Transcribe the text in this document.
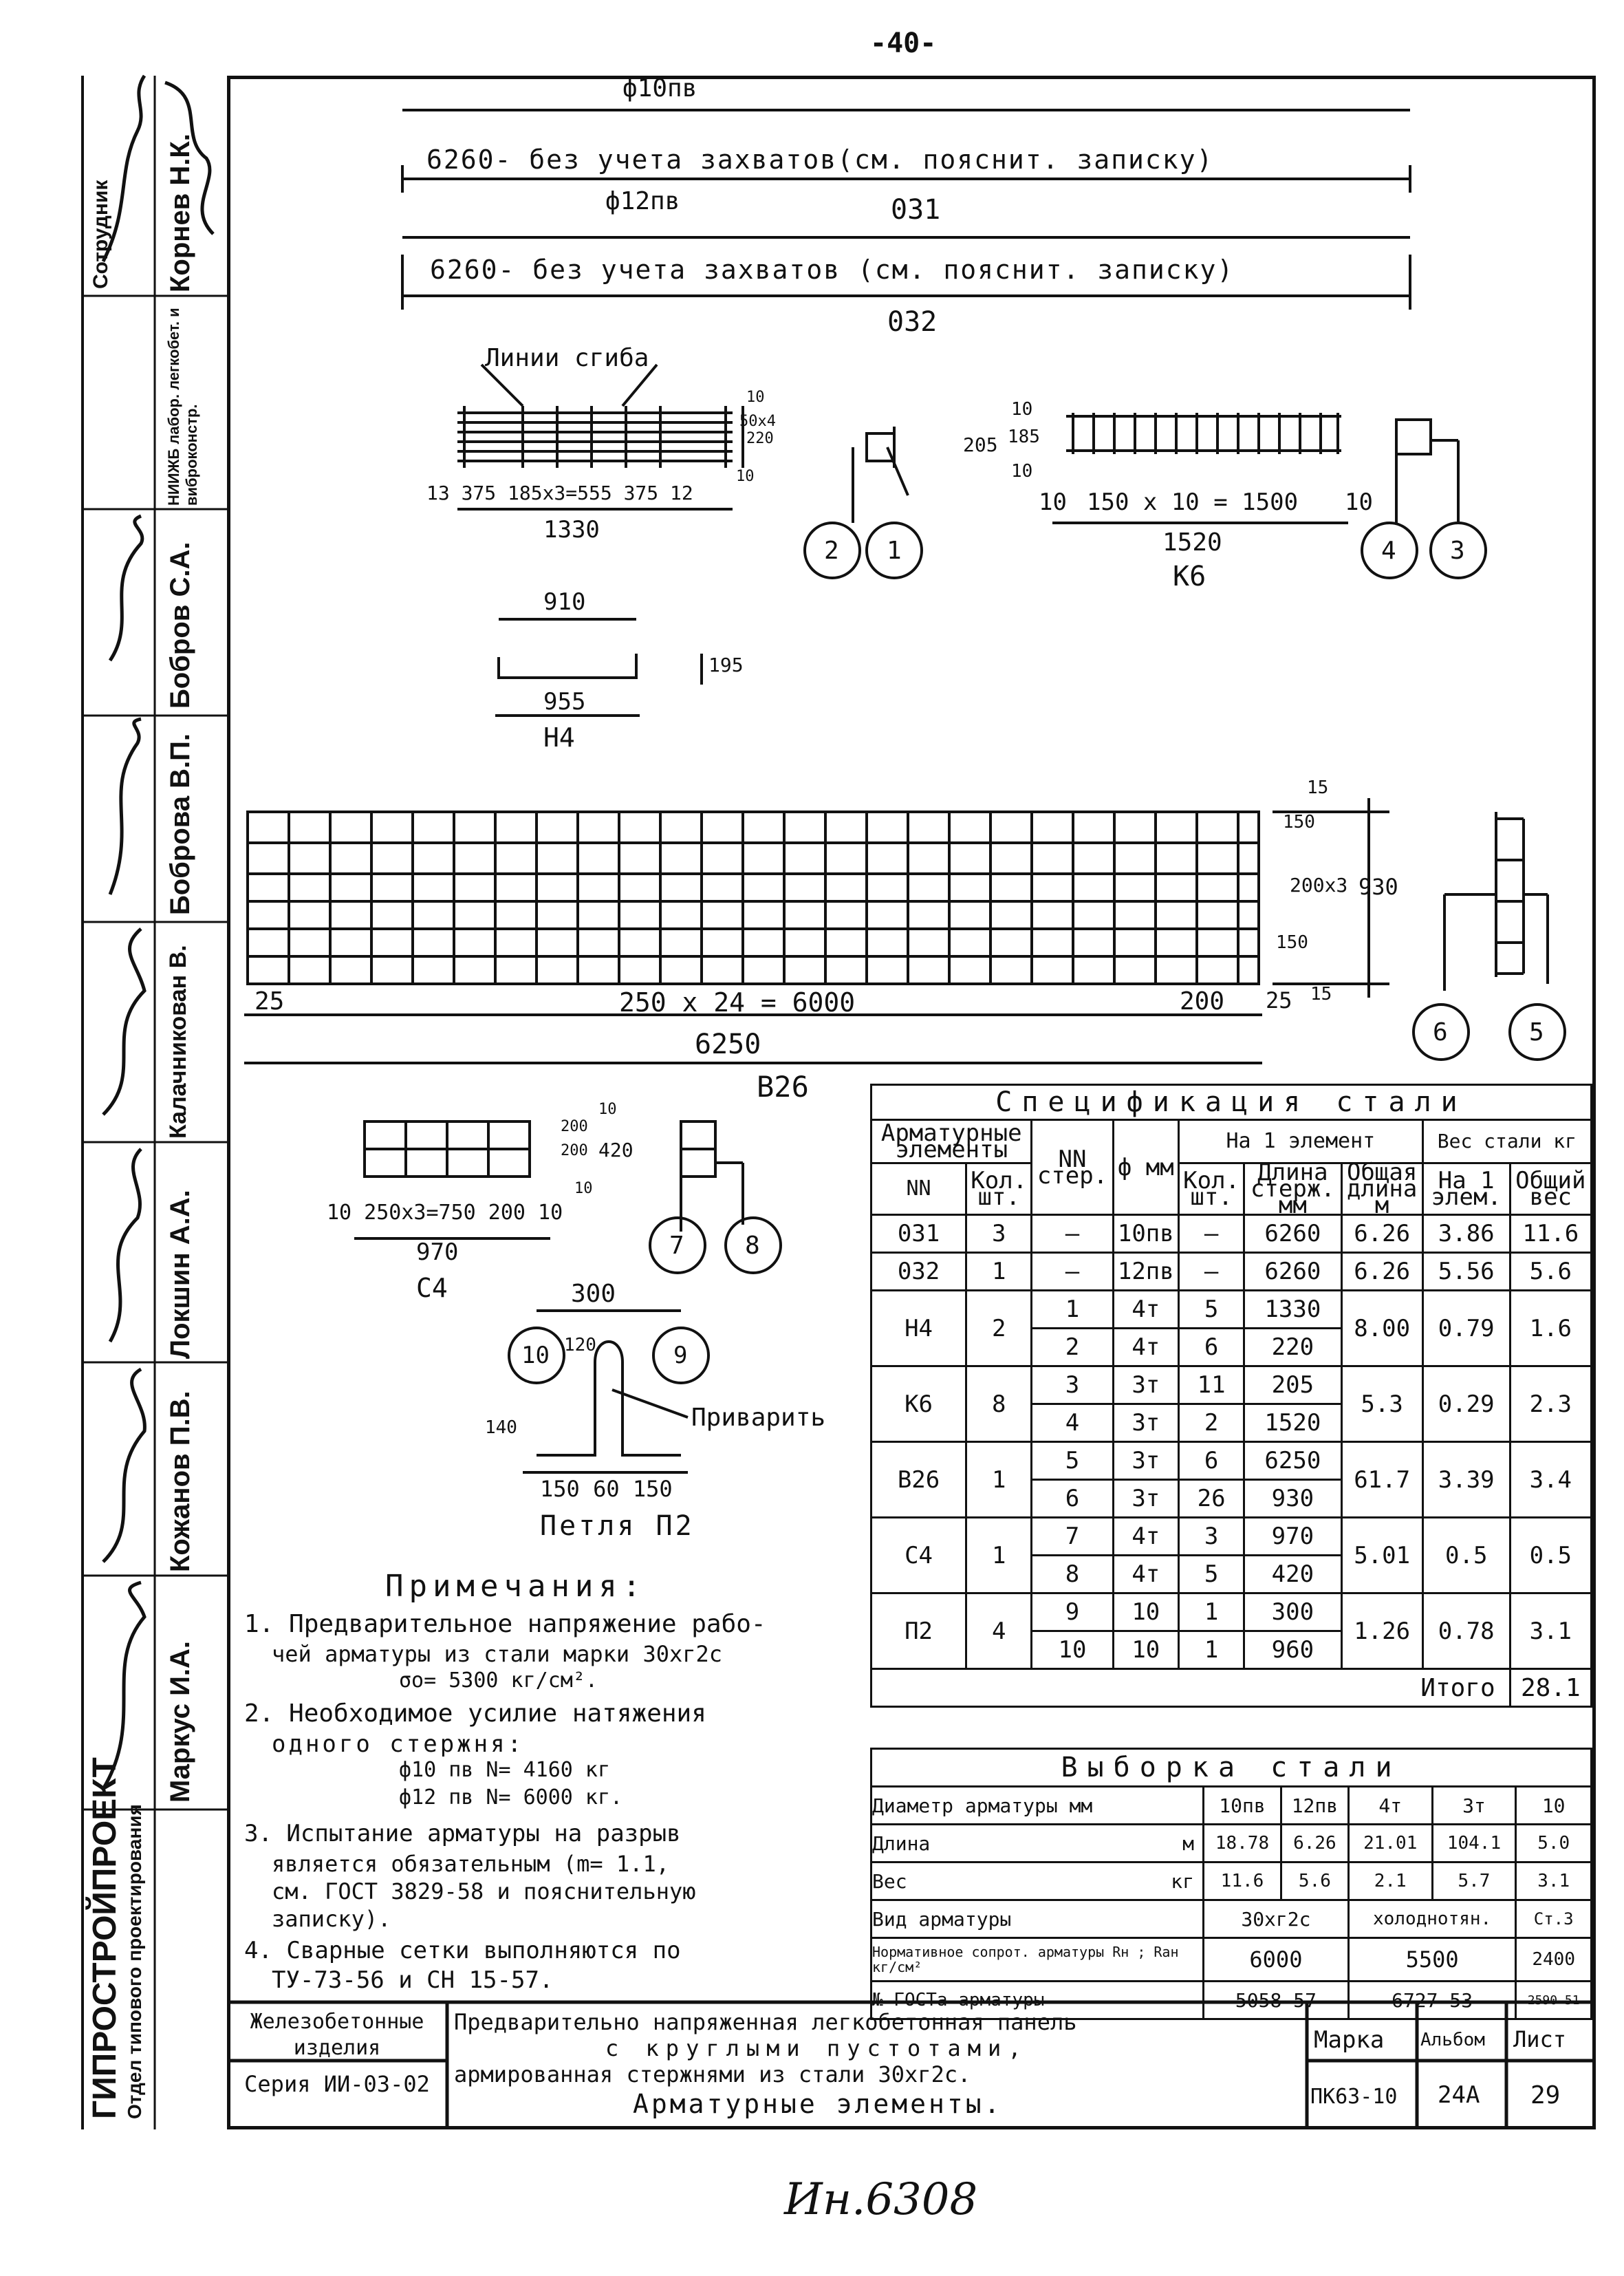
-40-
ГИПРОСТРОЙПРОЕКТ Отдел типового проектирования
Сотрудник Корнев Н.К.
НИИЖБ лабор. легкобет. и виброконстр.
Бобров С.А.
Боброва В.П.
Калачникован В.
Локшин А.А.
Кожанов П.В.
Маркус И.А.
ф10пв
6260- без учета захватов(см. пояснит. записку)
031
ф12пв
6260- без учета захватов (см. пояснит. записку)
032
Линии сгиба
13 375 185х3=555 375 12
1330
910
955
195
Н4
50х4
220
10
10
2 1
205 185
10
10
10 150 х 10 = 1500 10
1520
К6
4 3
25	250 х 24 = 6000	200 25
6250
В26
15
150
200х3
150
15
930
6	5
10 250х3=750 200 10
970
С4
420
10
200
200
10
7 8
300
120
140
150 60 150
Приварить
Петля П2
10	9
Примечания:
1. Предварительное напряжение рабо-
чей арматуры из стали марки 30хг2с
σо= 5300 кг/см².
2. Необходимое усилие натяжения
одного стержня:
ф10 пв N= 4160 кг
ф12 пв N= 6000 кг.
3. Испытание арматуры на разрыв
является обязательным (m= 1.1,
см. ГОСТ 3829-58 и пояснительную
записку).
4. Сварные сетки выполняются по
ТУ-73-56 и СН 15-57.
Спецификация стали								
Арматурные элементы		NN стер.	ф мм	На 1 элемент			Вес стали кг
NN	Кол. шт.			Кол. шт.	Длина стерж. мм	Общая длина м	На 1 элем.	Общий вес
031	3	—	10пв	—	6260	6.26	3.86	11.6
032	1	—	12пв	—	6260	6.26	5.56	5.6
Н4	2	1	4т	5	1330	8.00	0.79	1.6
		2	4т	6	220			
К6	8	3	3т	11	205	5.3	0.29	2.3
		4	3т	2	1520			
В26	1	5	3т	6	6250	61.7	3.39	3.4
		6	3т	26	930			
С4	1	7	4т	3	970	5.01	0.5	0.5
		8	4т	5	420			
П2	4	9	10	1	300	1.26	0.78	3.1
		10	10	1	960			
Итого								28.1
Выборка стали					
Диаметр арматуры мм	10пв	12пв	4т	3т	10
Длина м	18.78	6.26	21.01	104.1	5.0
Вес кг	11.6	5.6	2.1	5.7	3.1
Вид арматуры	30хг2с		холоднотян.		Ст.3
Нормативное сопрот. арматуры Rн ; Rан кг/см²	6000		5500		2400
№ ГОСТа арматуры	5058-57		6727-53		2590-51
Железобетонные изделия
Серия ИИ-03-02
Предварительно напряженная легкобетонная панель
с круглыми пустотами,
армированная стержнями из стали 30хг2с.
Арматурные элементы.
Марка Альбом Лист
ПК63-10 24А 29
Ин.6308
